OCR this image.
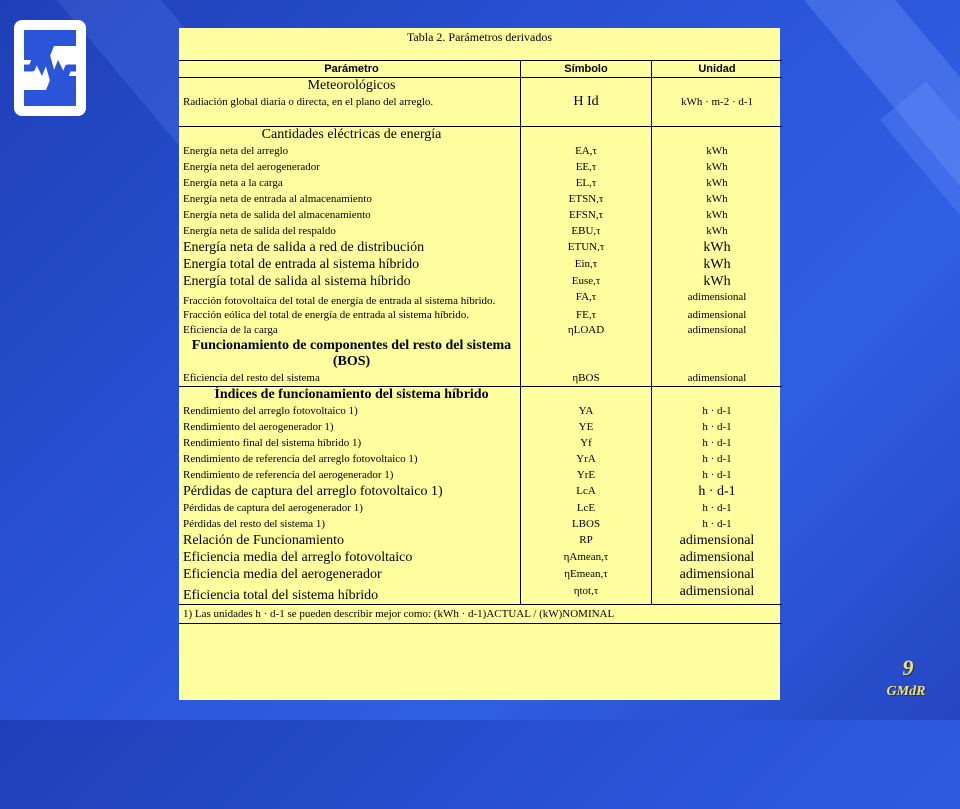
Tabla 2. Parámetros derivados
Parámetro	Símbolo	Unidad
Meteorológicos		
Radiación global diaria o directa, en el plano del arreglo.	H Id	kWh · m-2 · d-1

Cantidades eléctricas de energía		
Energía neta del arreglo	EA,τ	kWh
Energía neta del aerogenerador	EE,τ	kWh
Energía neta a la carga	EL,τ	kWh
Energía neta de entrada al almacenamiento	ETSN,τ	kWh
Energía neta de salida del almacenamiento	EFSN,τ	kWh
Energía neta de salida del respaldo	EBU,τ	kWh
Energía neta de salida a red de distribución	ETUN,τ	kWh
Energía total de entrada al sistema híbrido	Ein,τ	kWh
Energía total de salida al sistema híbrido	Euse,τ	kWh
Fracción fotovoltaica del total de energía de entrada al sistema híbrido.	FA,τ	adimensional
Fracción eólica del total de energía de entrada al sistema híbrido.	FE,τ	adimensional
Eficiencia de la carga	ηLOAD	adimensional
Funcionamiento de componentes del resto del sistema (BOS)		
Eficiencia del resto del sistema	ηBOS	adimensional
Índices de funcionamiento del sistema híbrido		
Rendimiento del arreglo fotovoltaico 1)	YA	h · d-1
Rendimiento del aerogenerador 1)	YE	h · d-1
Rendimiento final del sistema híbrido 1)	Yf	h · d-1
Rendimiento de referencia del arreglo fotovoltaico 1)	YrA	h · d-1
Rendimiento de referencia del aerogenerador 1)	YrE	h · d-1
Pérdidas de captura del arreglo fotovoltaico 1)	LcA	h · d-1
Pérdidas de captura del aerogenerador 1)	LcE	h · d-1
Pérdidas del resto del sistema 1)	LBOS	h · d-1
Relación de Funcionamiento	RP	adimensional
Eficiencia media del arreglo fotovoltaico	ηAmean,τ	adimensional
Eficiencia media del aerogenerador	ηEmean,τ	adimensional
Eficiencia total del sistema híbrido	ηtot,τ	adimensional
1) Las unidades h · d-1 se pueden describir mejor como: (kWh · d-1)ACTUAL / (kW)NOMINAL		
9
GMdR
